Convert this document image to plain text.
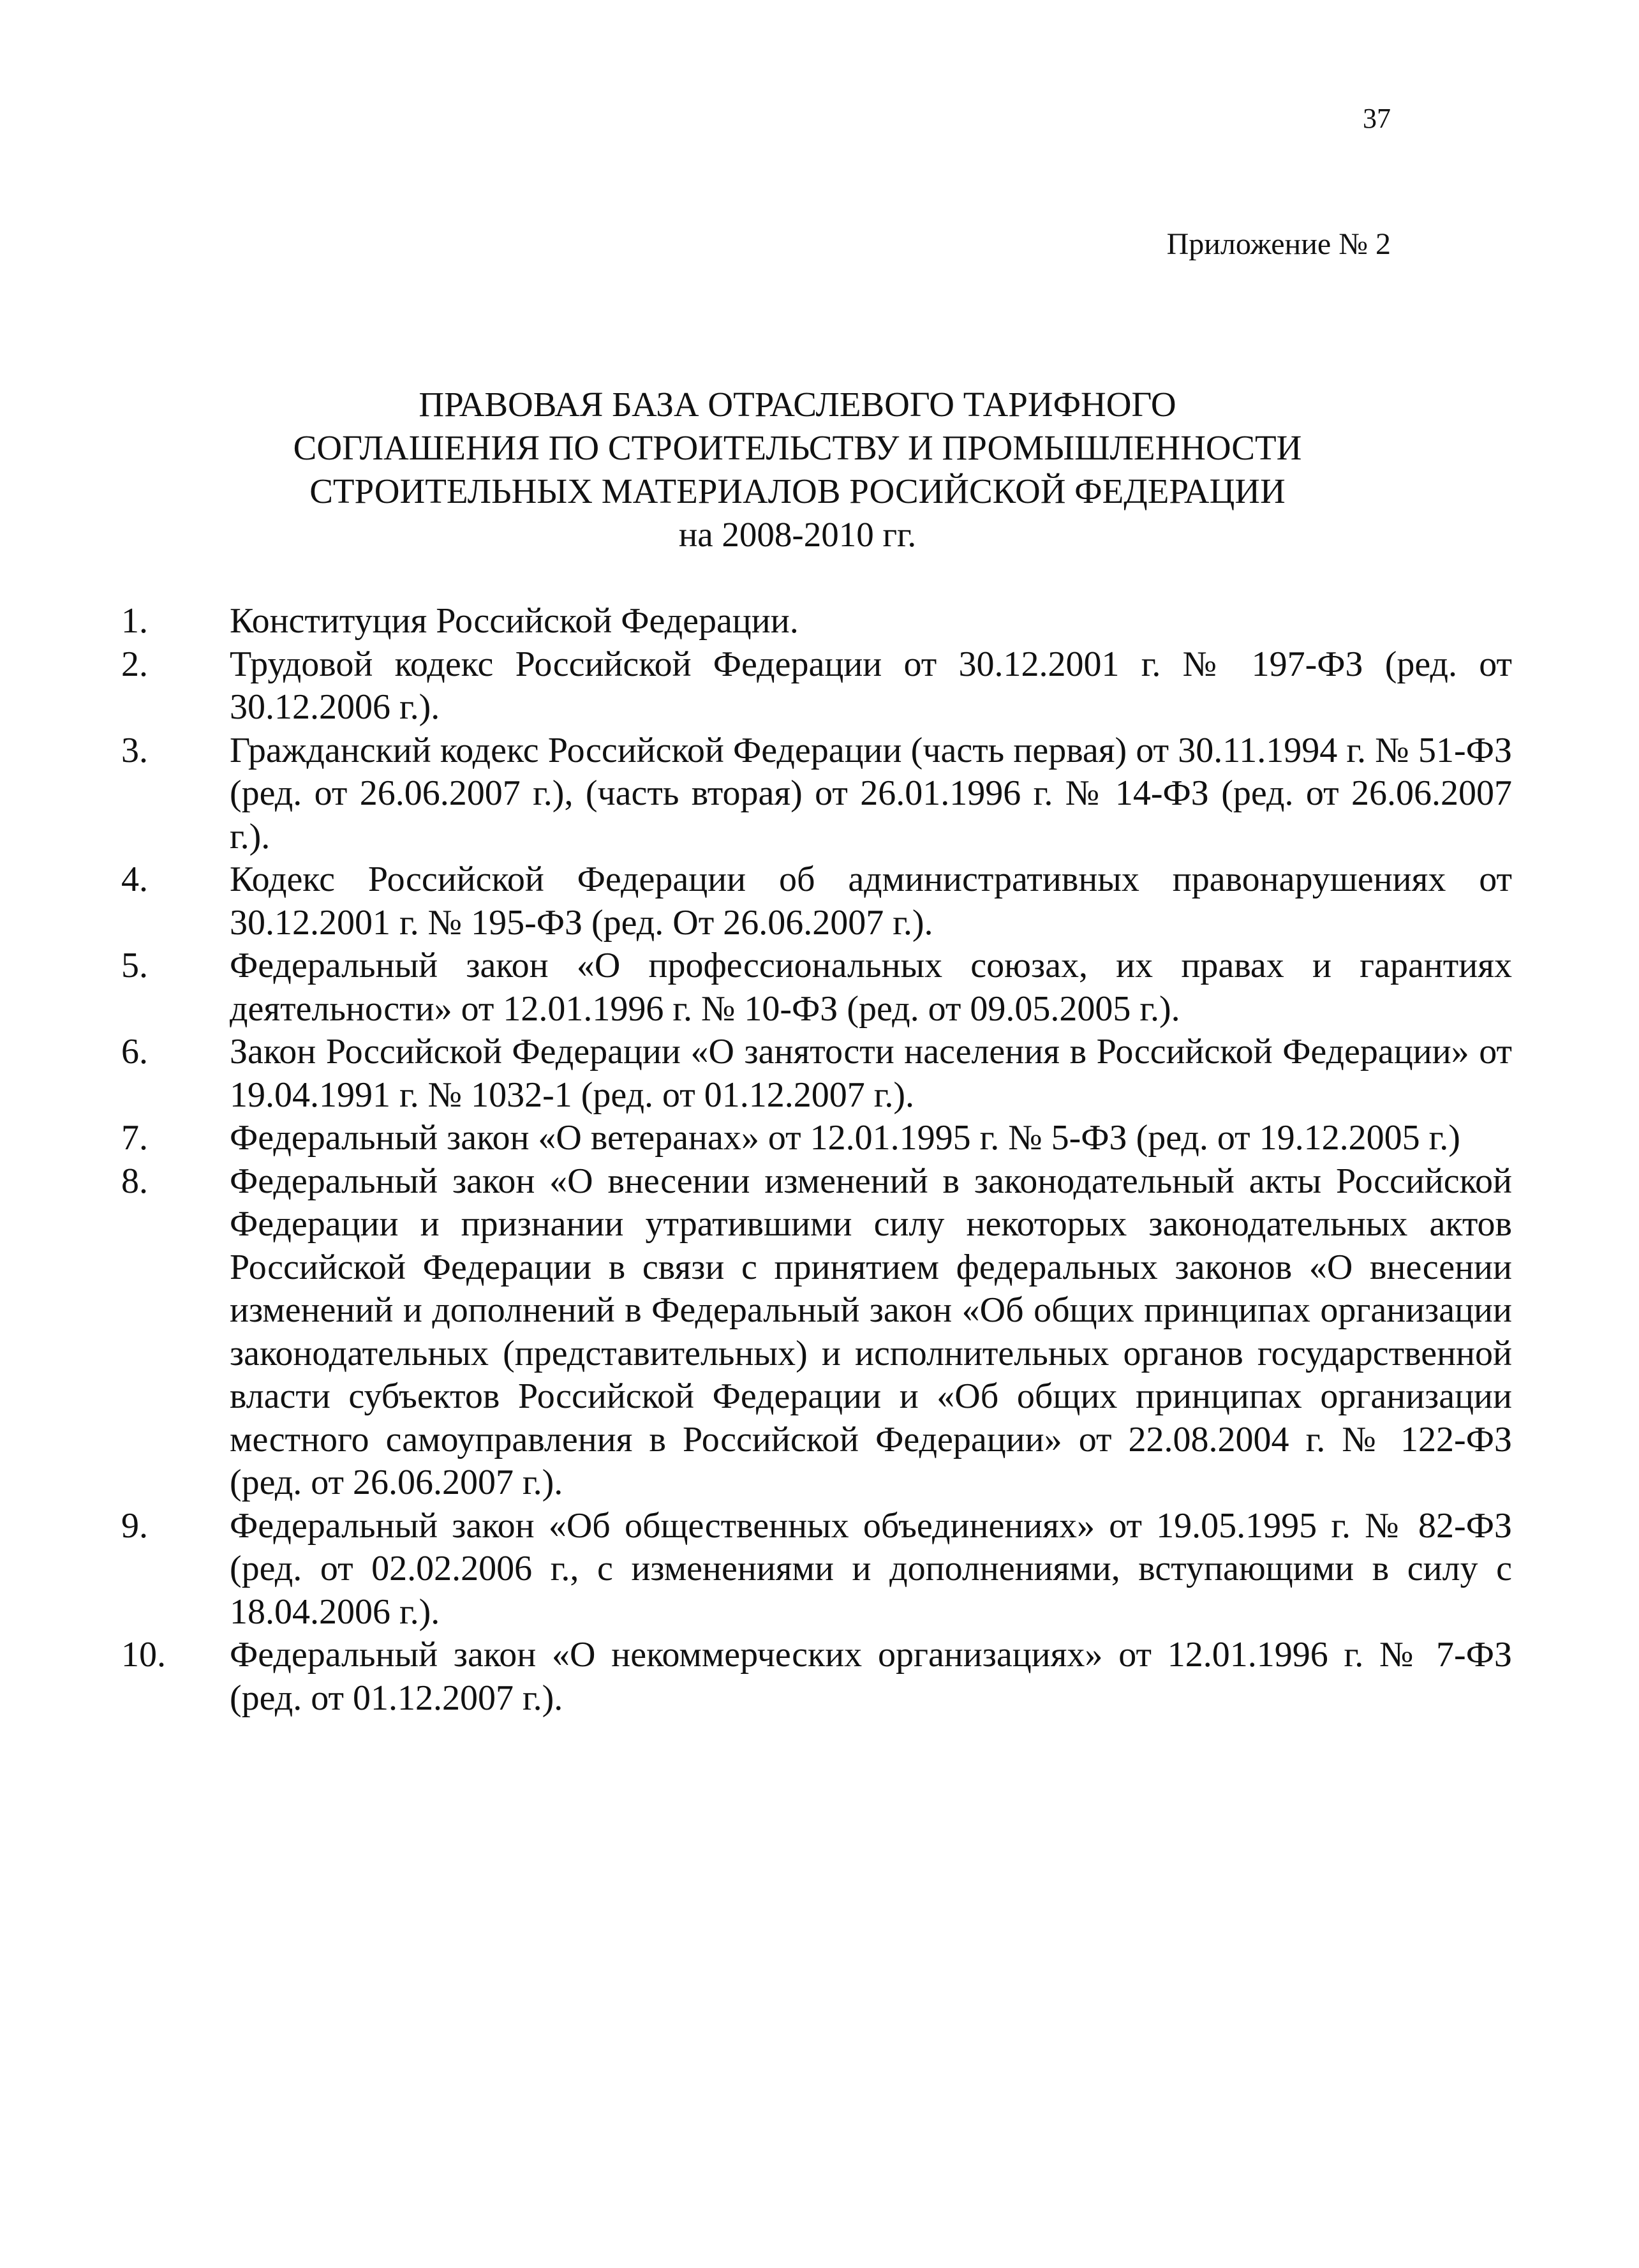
37
Приложение № 2
ПРАВОВАЯ БАЗА ОТРАСЛЕВОГО ТАРИФНОГО
СОГЛАШЕНИЯ ПО СТРОИТЕЛЬСТВУ И ПРОМЫШЛЕННОСТИ
СТРОИТЕЛЬНЫХ МАТЕРИАЛОВ РОСИЙСКОЙ ФЕДЕРАЦИИ
на 2008-2010 гг.
1.	Конституция Российской Федерации.
2.	Трудовой кодекс Российской Федерации от 30.12.2001 г. № 197-ФЗ (ред. от 30.12.2006 г.).
3.	Гражданский кодекс Российской Федерации (часть первая) от 30.11.1994 г. № 51-ФЗ (ред. от 26.06.2007 г.), (часть вторая) от 26.01.1996 г. № 14-ФЗ (ред. от 26.06.2007 г.).
4.	Кодекс Российской Федерации об административных правонарушениях от 30.12.2001 г. № 195-ФЗ (ред. От 26.06.2007 г.).
5.	Федеральный закон «О профессиональных союзах, их правах и гарантиях деятельности» от 12.01.1996 г. № 10-ФЗ (ред. от 09.05.2005 г.).
6.	Закон Российской Федерации «О занятости населения в Российской Федерации» от 19.04.1991 г. № 1032-1 (ред. от 01.12.2007 г.).
7.	Федеральный закон «О ветеранах» от 12.01.1995 г. № 5-ФЗ (ред. от 19.12.2005 г.)
8.	Федеральный закон «О внесении изменений в законодательный акты Российской Федерации и признании утратившими силу некоторых законодательных актов Российской Федерации в связи с принятием федеральных законов «О внесении изменений и дополнений в Федеральный закон «Об общих принципах организации законодательных (представительных) и исполнительных органов государственной власти субъектов Российской Федерации и «Об общих принципах организации местного самоуправления в Российской Федерации» от 22.08.2004 г. № 122-ФЗ (ред. от 26.06.2007 г.).
9.	Федеральный закон «Об общественных объединениях» от 19.05.1995 г. № 82-ФЗ (ред. от 02.02.2006 г., с изменениями и дополнениями, вступающими в силу с 18.04.2006 г.).
10.	Федеральный закон «О некоммерческих организациях» от 12.01.1996 г. № 7-ФЗ (ред. от 01.12.2007 г.).
